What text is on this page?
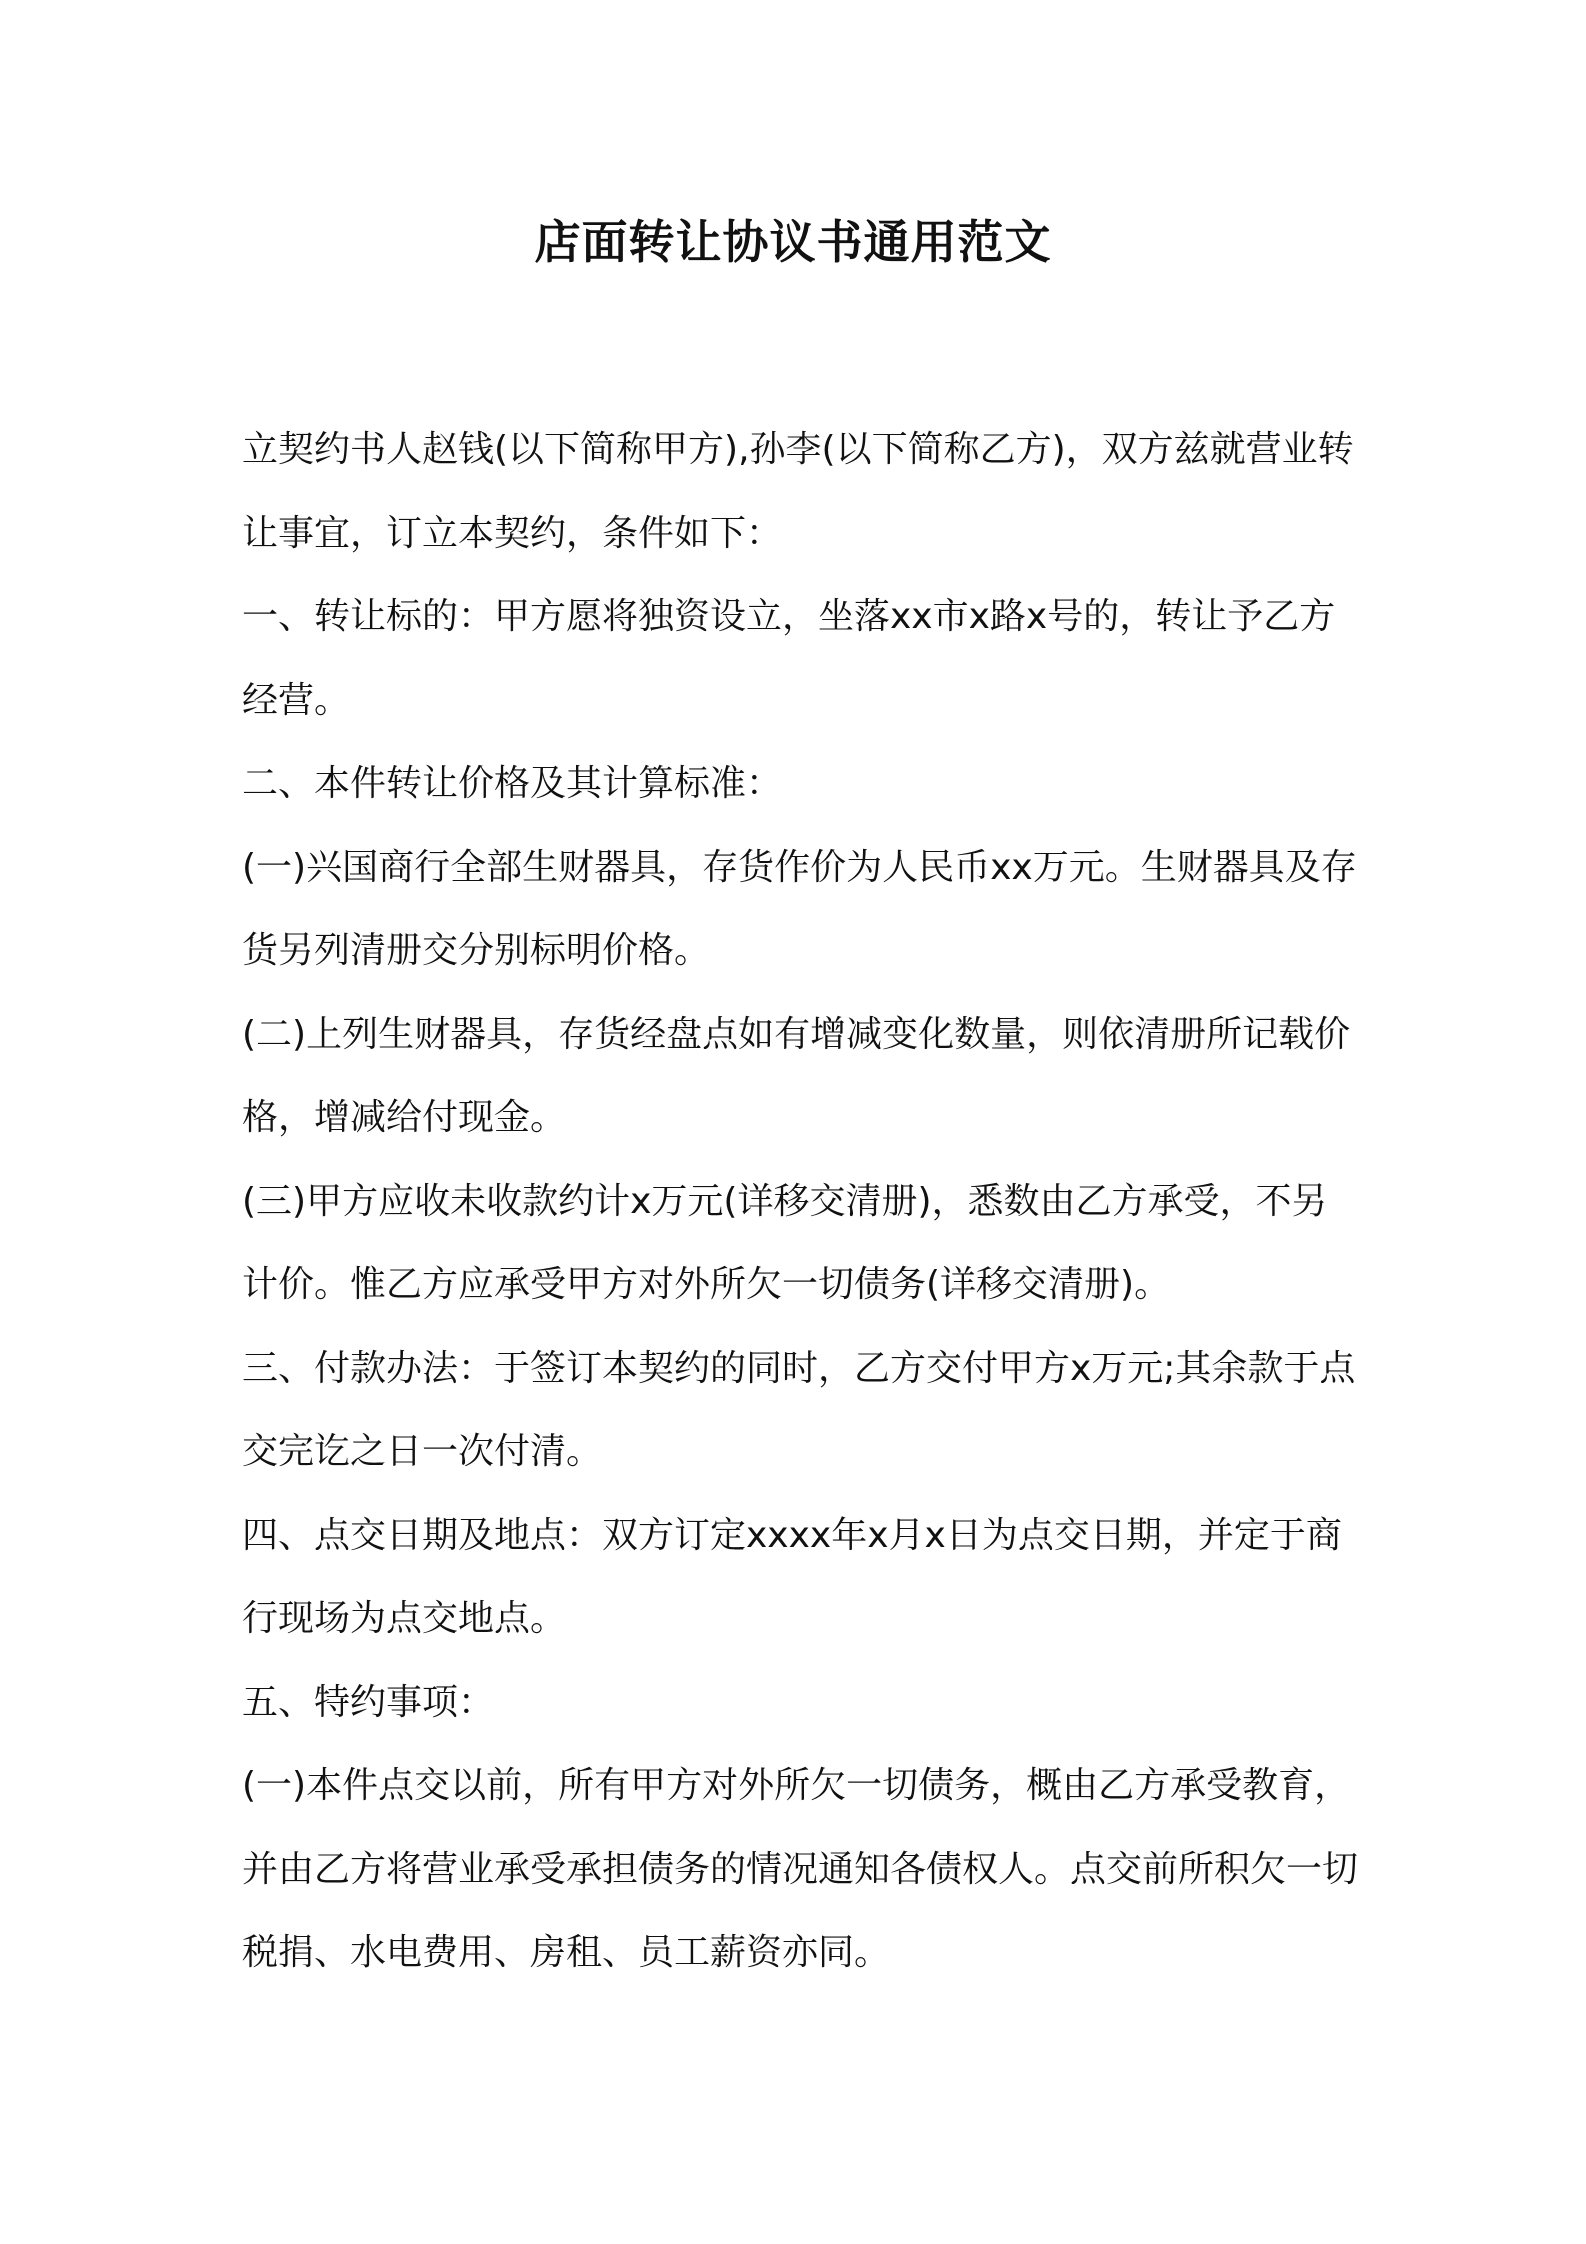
店面转让协议书通用范文

立契约书人赵钱(以下简称甲方),孙李(以下简称乙方)，双方兹就营业转让事宜，订立本契约，条件如下：

一、转让标的：甲方愿将独资设立，坐落xx市x路x号的，转让予乙方经营。

二、本件转让价格及其计算标准：

(一)兴国商行全部生财器具，存货作价为人民币xx万元。生财器具及存货另列清册交分别标明价格。

(二)上列生财器具，存货经盘点如有增减变化数量，则依清册所记载价格，增减给付现金。

(三)甲方应收未收款约计x万元(详移交清册)，悉数由乙方承受，不另计价。惟乙方应承受甲方对外所欠一切债务(详移交清册)。

三、付款办法：于签订本契约的同时，乙方交付甲方x万元;其余款于点交完讫之日一次付清。

四、点交日期及地点：双方订定xxxx年x月x日为点交日期，并定于商行现场为点交地点。

五、特约事项：

(一)本件点交以前，所有甲方对外所欠一切债务，概由乙方承受教育，并由乙方将营业承受承担债务的情况通知各债权人。点交前所积欠一切税捐、水电费用、房租、员工薪资亦同。
